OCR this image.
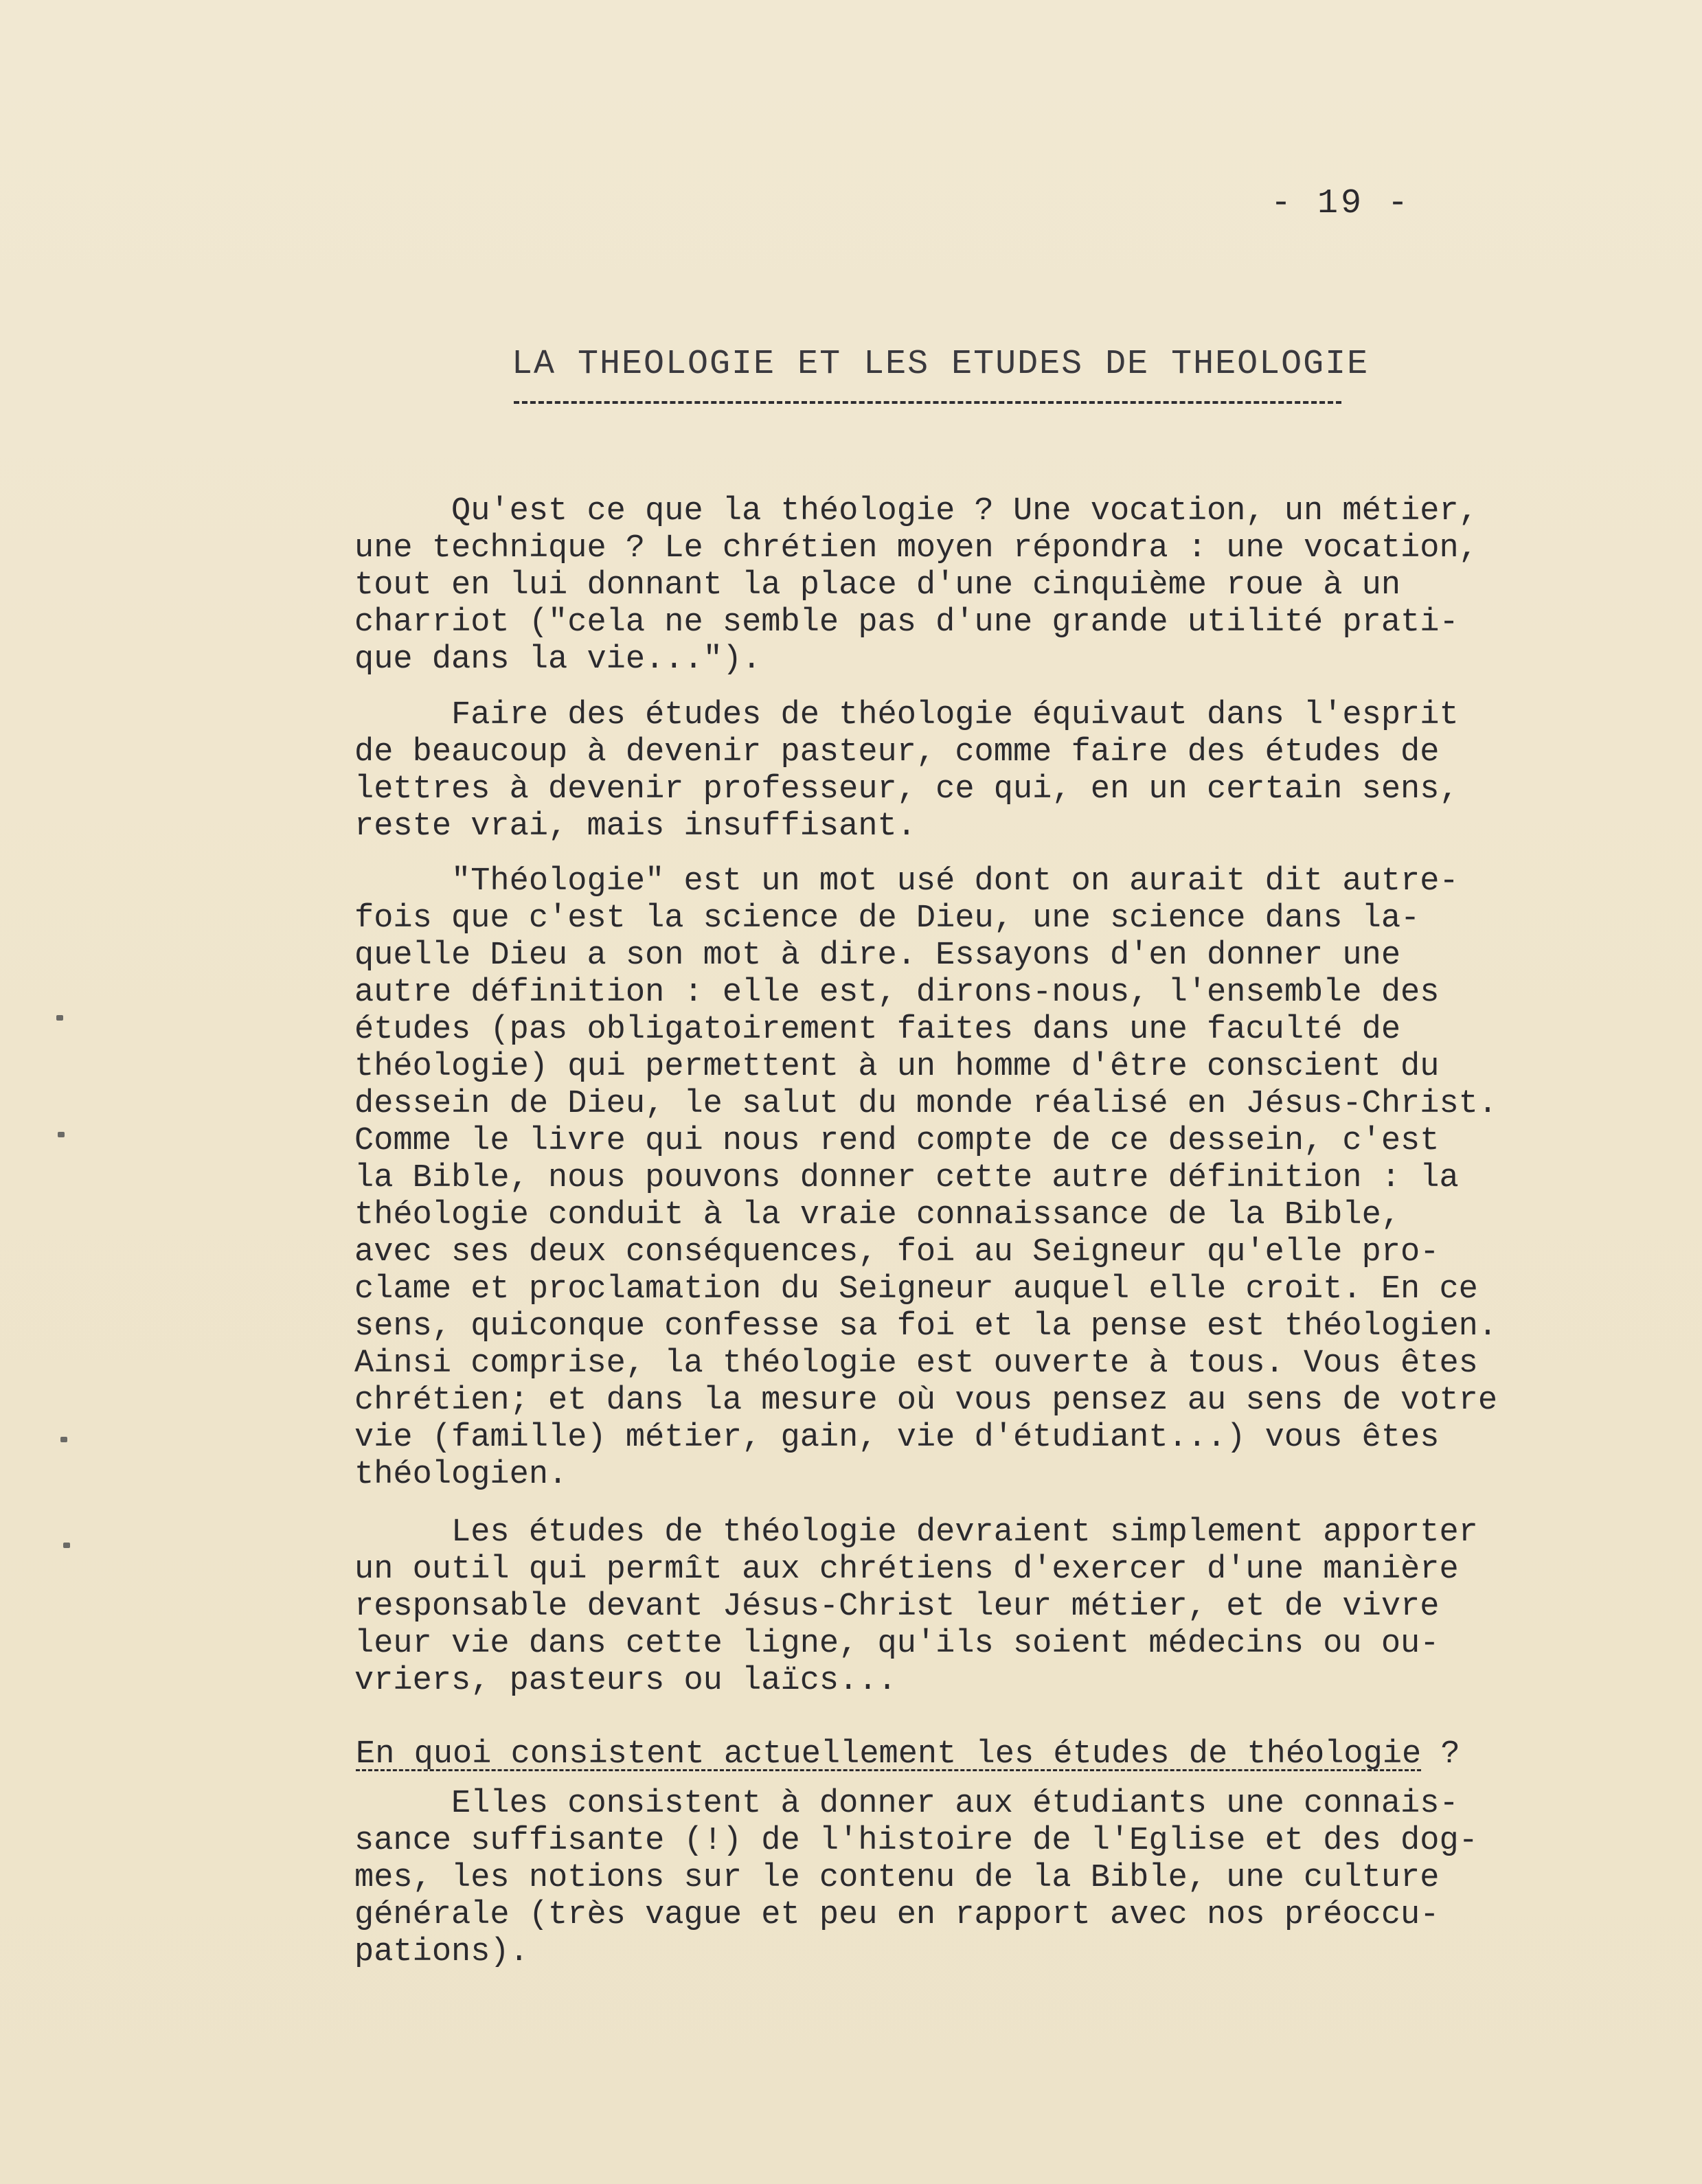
- 19 -
LA THEOLOGIE ET LES ETUDES DE THEOLOGIE
Qu'est ce que la théologie ? Une vocation, un métier,
une technique ? Le chrétien moyen répondra : une vocation,
tout en lui donnant la place d'une cinquième roue à un
charriot ("cela ne semble pas d'une grande utilité prati-
que dans la vie...").
Faire des études de théologie équivaut dans l'esprit
de beaucoup à devenir pasteur, comme faire des études de
lettres à devenir professeur, ce qui, en un certain sens,
reste vrai, mais insuffisant.
"Théologie" est un mot usé dont on aurait dit autre-
fois que c'est la science de Dieu, une science dans la-
quelle Dieu a son mot à dire. Essayons d'en donner une
autre définition : elle est, dirons-nous, l'ensemble des
études (pas obligatoirement faites dans une faculté de
théologie) qui permettent à un homme d'être conscient du
dessein de Dieu, le salut du monde réalisé en Jésus-Christ.
Comme le livre qui nous rend compte de ce dessein, c'est
la Bible, nous pouvons donner cette autre définition : la
théologie conduit à la vraie connaissance de la Bible,
avec ses deux conséquences, foi au Seigneur qu'elle pro-
clame et proclamation du Seigneur auquel elle croit. En ce
sens, quiconque confesse sa foi et la pense est théologien.
Ainsi comprise, la théologie est ouverte à tous. Vous êtes
chrétien; et dans la mesure où vous pensez au sens de votre
vie (famille) métier, gain, vie d'étudiant...) vous êtes
théologien.
Les études de théologie devraient simplement apporter
un outil qui permît aux chrétiens d'exercer d'une manière
responsable devant Jésus-Christ leur métier, et de vivre
leur vie dans cette ligne, qu'ils soient médecins ou ou-
vriers, pasteurs ou laïcs...
En quoi consistent actuellement les études de théologie ?
Elles consistent à donner aux étudiants une connais-
sance suffisante (!) de l'histoire de l'Eglise et des dog-
mes, les notions sur le contenu de la Bible, une culture
générale (très vague et peu en rapport avec nos préoccu-
pations).
